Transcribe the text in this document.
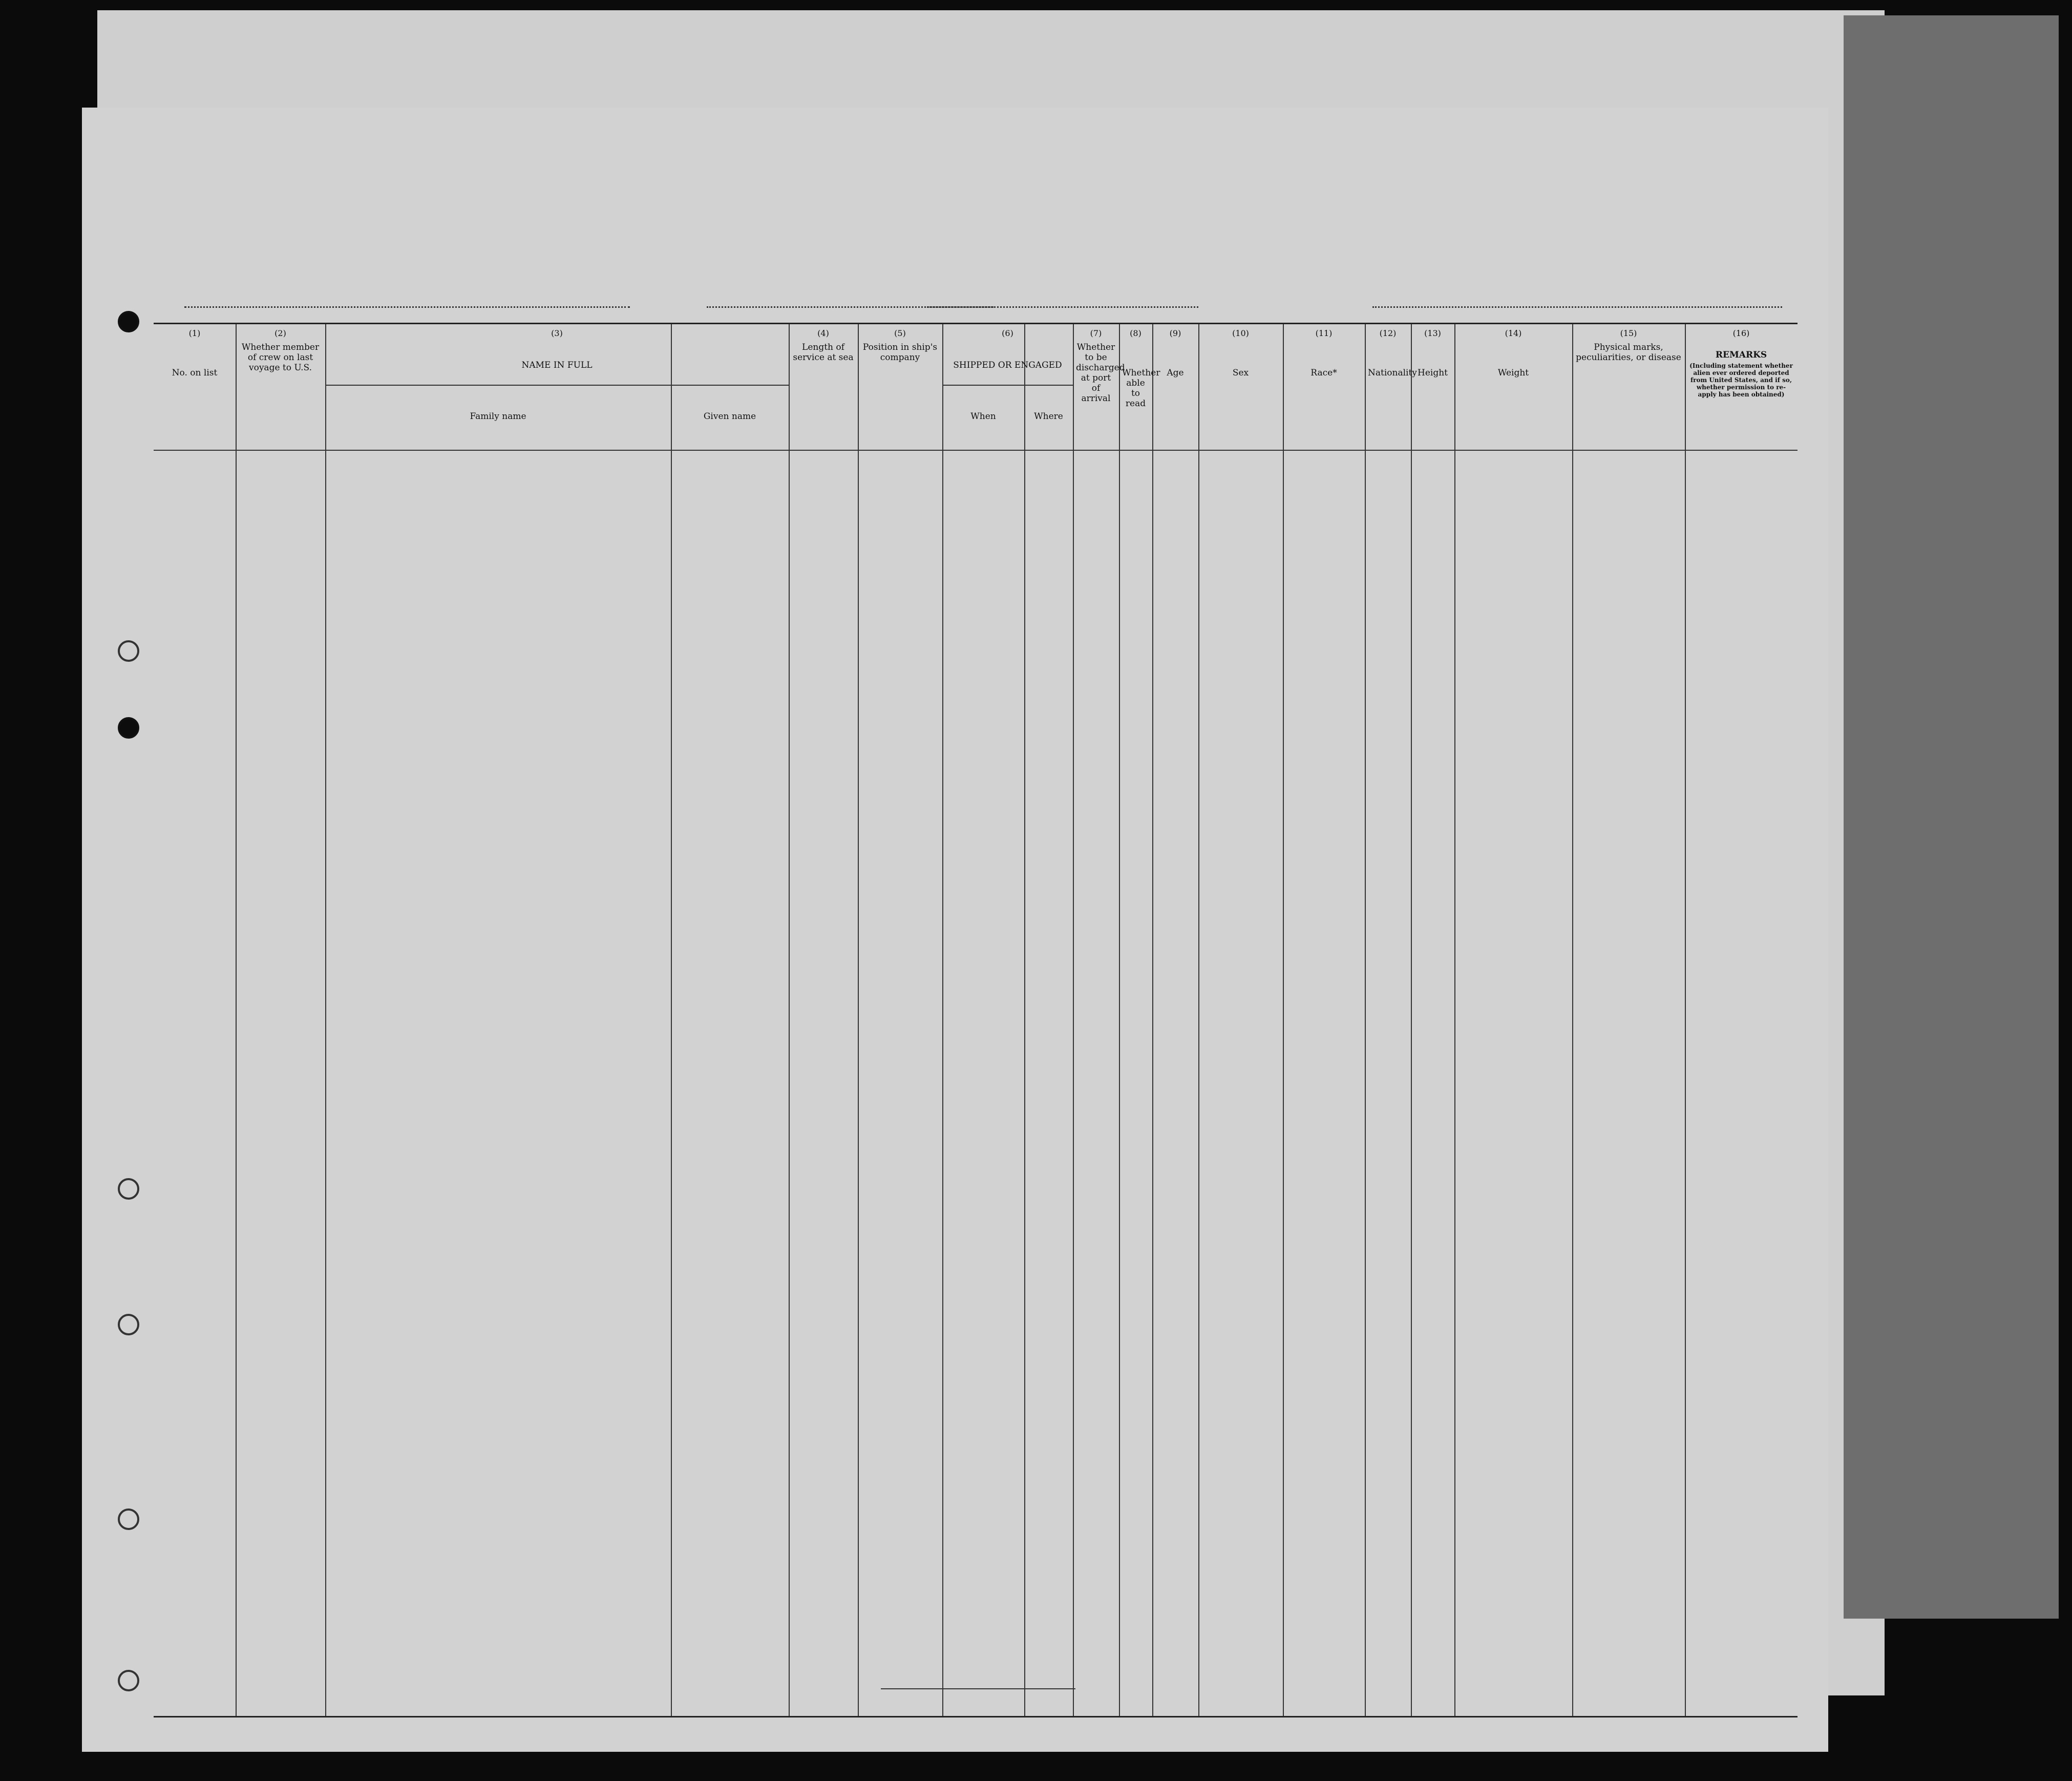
(1)
No. on list
(2)
Whether member of crew on last voyage to U.S.
(3)
Family name	Given name
NAME IN FULL
(4)
Length of service at sea
(5)
Position in ship's company
(6)
When	Where
SHIPPED OR ENGAGED
(7)
Whether to be discharged at port of arrival
(8)
Whether able to read
(9)
Age
(10)
Sex
(11)
Race*
(12)
Nationality
(13)
Height
(14)
Weight
(15)
Physical marks, peculiarities, or disease
(16)
REMARKS
(Including statement whether alien ever ordered deported from United States, and if so, whether permission to re-apply has been obtained)
